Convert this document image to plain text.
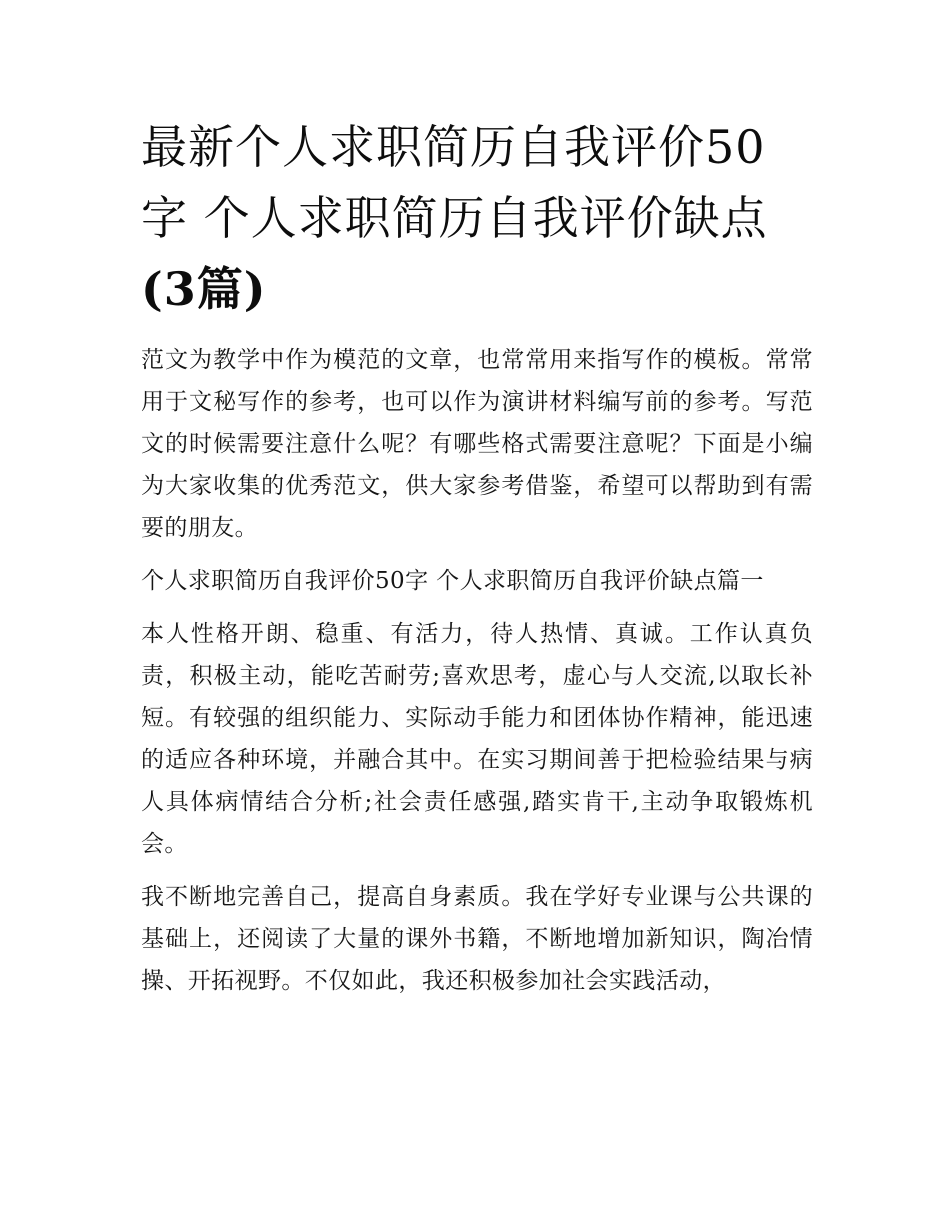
最新个人求职简历自我评价50
字 个人求职简历自我评价缺点
(3篇)

范文为教学中作为模范的文章，也常常用来指写作的模板。常常用于文秘写作的参考，也可以作为演讲材料编写前的参考。写范文的时候需要注意什么呢？有哪些格式需要注意呢？下面是小编为大家收集的优秀范文，供大家参考借鉴，希望可以帮助到有需要的朋友。

个人求职简历自我评价50字 个人求职简历自我评价缺点篇一

本人性格开朗、稳重、有活力，待人热情、真诚。工作认真负责，积极主动，能吃苦耐劳;喜欢思考，虚心与人交流,以取长补短。有较强的组织能力、实际动手能力和团体协作精神，能迅速的适应各种环境，并融合其中。在实习期间善于把检验结果与病人具体病情结合分析;社会责任感强,踏实肯干,主动争取锻炼机会。

我不断地完善自己，提高自身素质。我在学好专业课与公共课的基础上，还阅读了大量的课外书籍，不断地增加新知识，陶冶情操、开拓视野。不仅如此，我还积极参加社会实践活动，
